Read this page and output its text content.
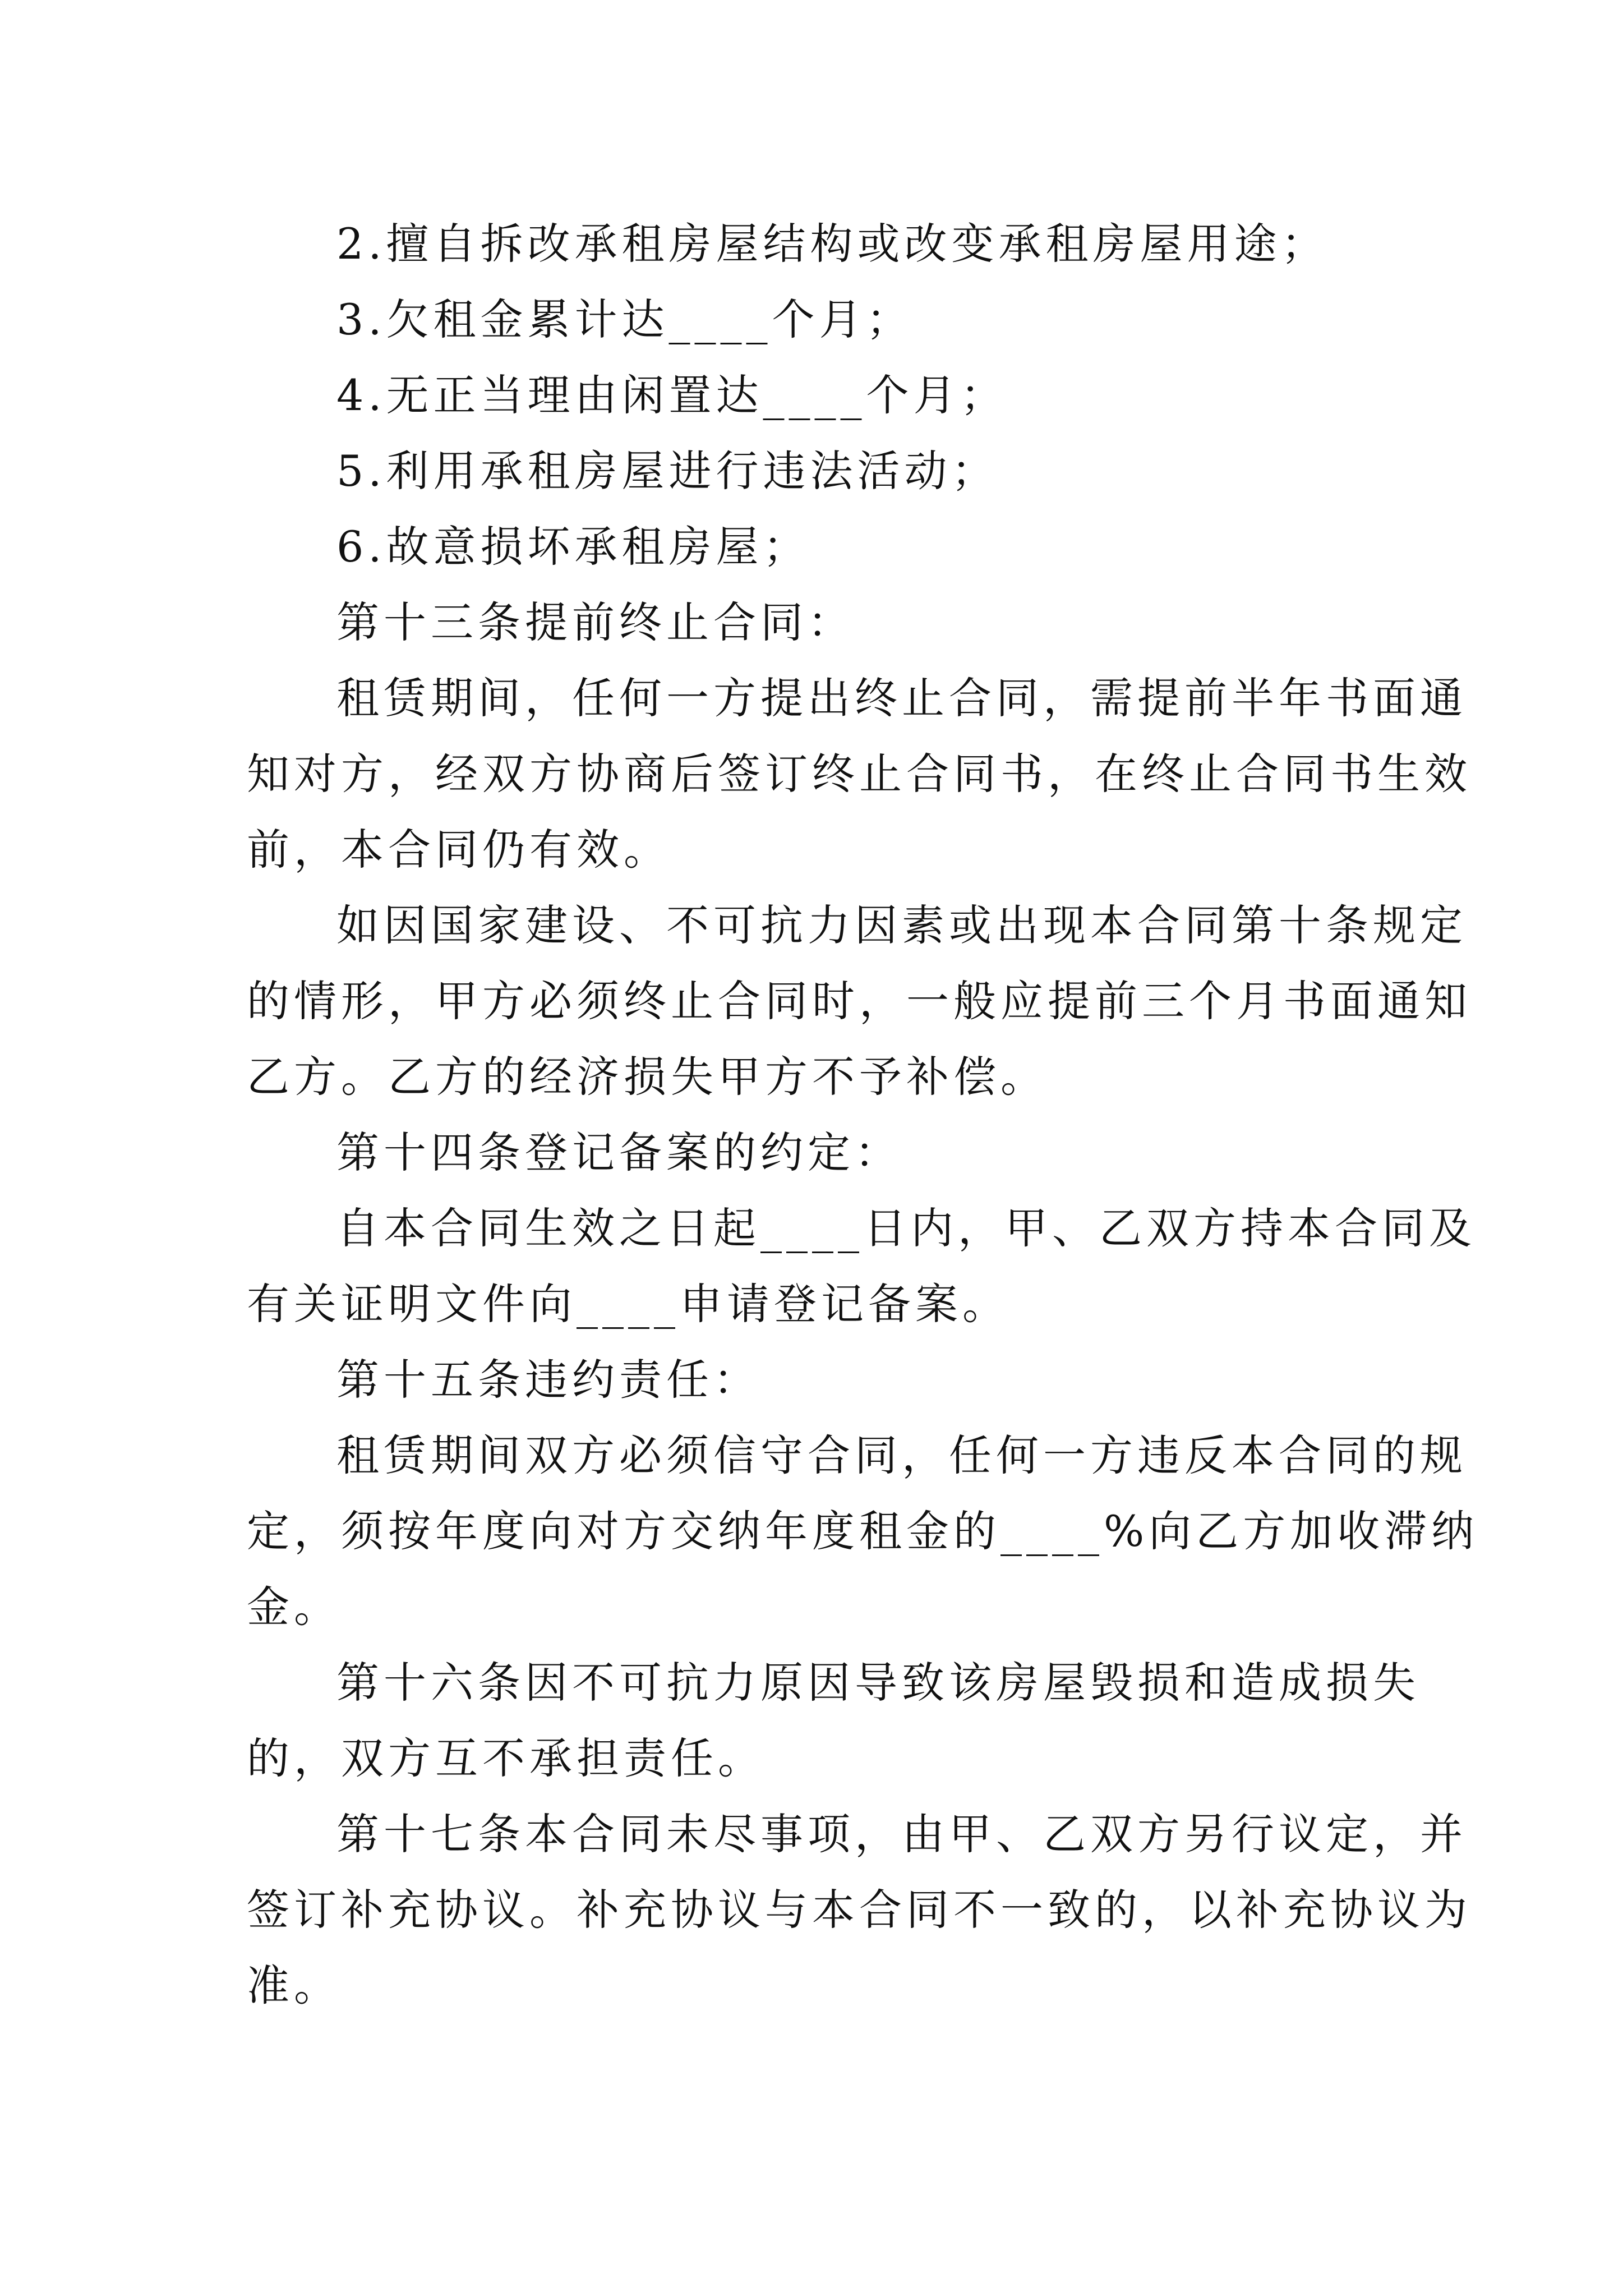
2.擅自拆改承租房屋结构或改变承租房屋用途；
3.欠租金累计达____个月；
4.无正当理由闲置达____个月；
5.利用承租房屋进行违法活动；
6.故意损坏承租房屋；
第十三条提前终止合同：
租赁期间，任何一方提出终止合同，需提前半年书面通
知对方，经双方协商后签订终止合同书，在终止合同书生效
前，本合同仍有效。
如因国家建设、不可抗力因素或出现本合同第十条规定
的情形，甲方必须终止合同时，一般应提前三个月书面通知
乙方。乙方的经济损失甲方不予补偿。
第十四条登记备案的约定：
自本合同生效之日起____日内，甲、乙双方持本合同及
有关证明文件向____申请登记备案。
第十五条违约责任：
租赁期间双方必须信守合同，任何一方违反本合同的规
定，须按年度向对方交纳年度租金的____%向乙方加收滞纳
金。
第十六条因不可抗力原因导致该房屋毁损和造成损失
的，双方互不承担责任。
第十七条本合同未尽事项，由甲、乙双方另行议定，并
签订补充协议。补充协议与本合同不一致的，以补充协议为
准。
